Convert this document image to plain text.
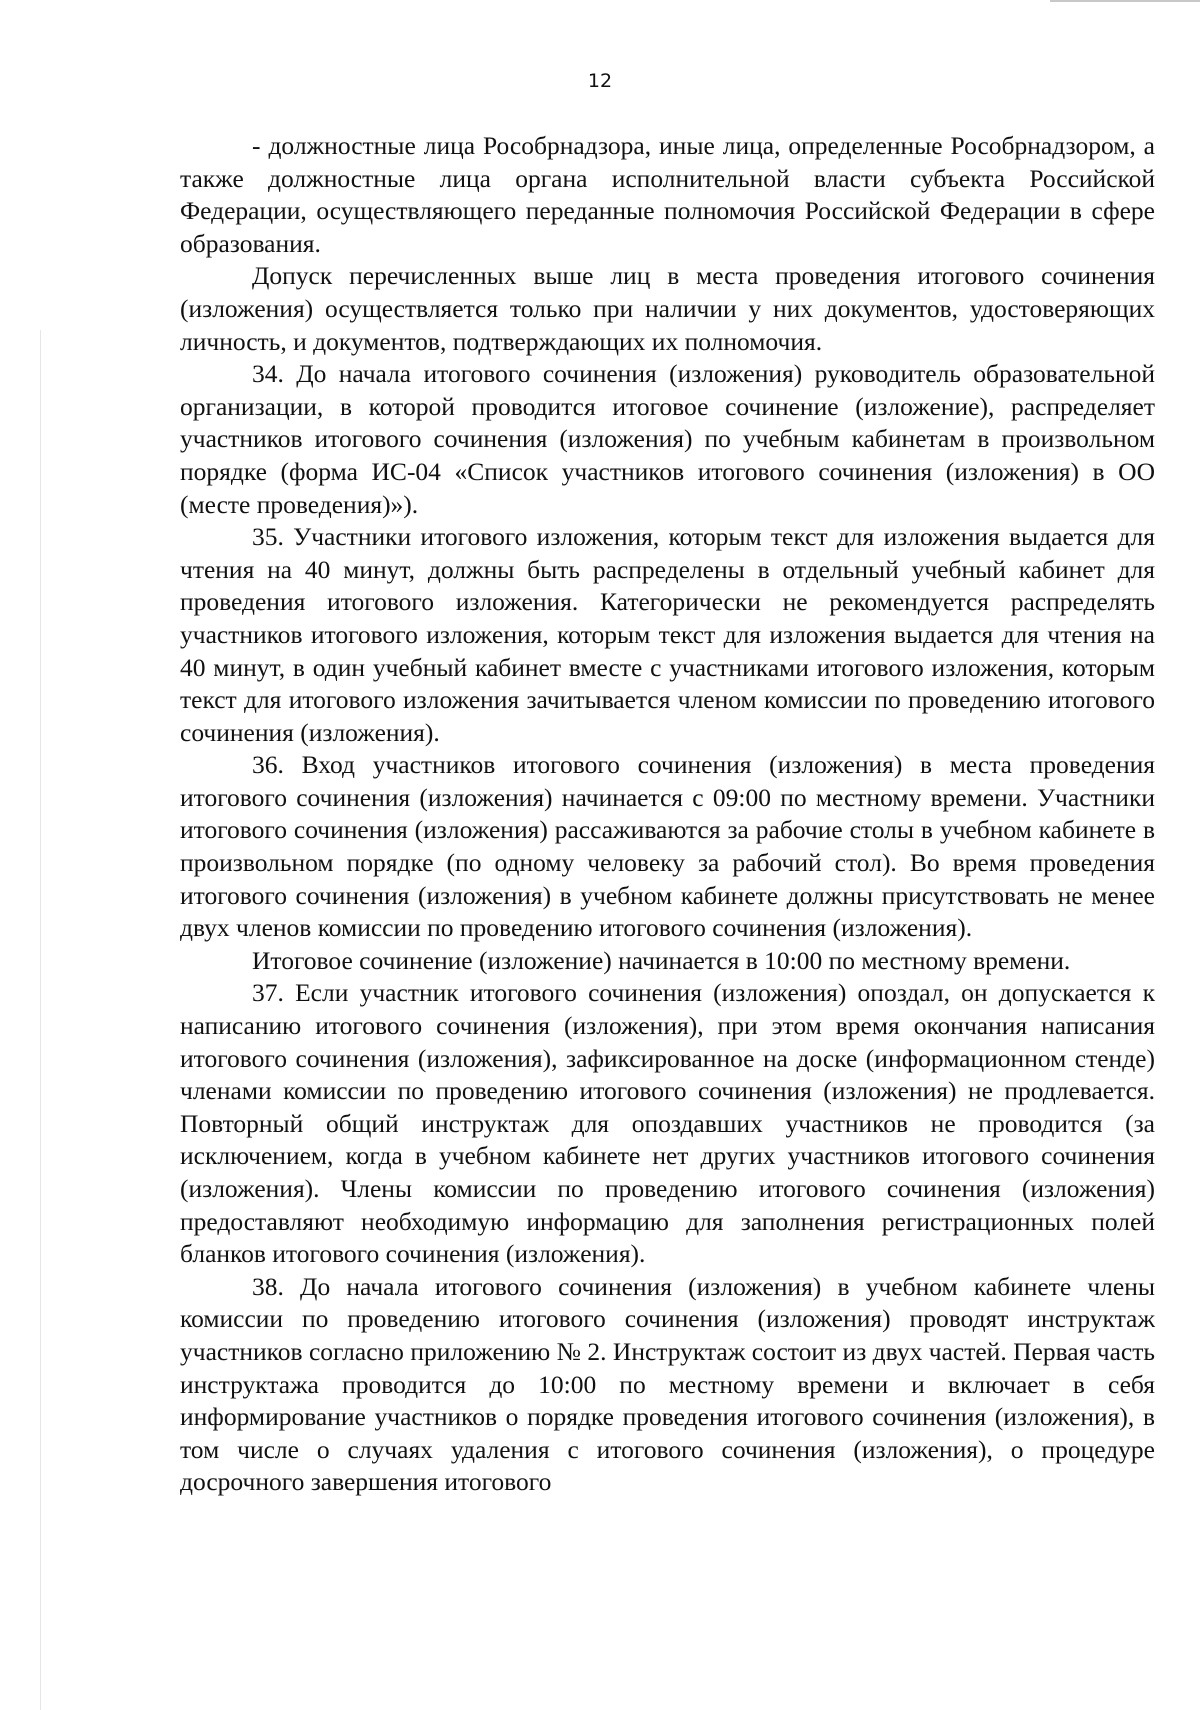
12

- должностные лица Рособрнадзора, иные лица, определенные Рособрнадзором, а также должностные лица органа исполнительной власти субъекта Российской Федерации, осуществляющего переданные полномочия Российской Федерации в сфере образования.

Допуск перечисленных выше лиц в места проведения итогового сочинения (изложения) осуществляется только при наличии у них документов, удостоверяющих личность, и документов, подтверждающих их полномочия.

34. До начала итогового сочинения (изложения) руководитель образовательной организации, в которой проводится итоговое сочинение (изложение), распределяет участников итогового сочинения (изложения) по учебным кабинетам в произвольном порядке (форма ИС-04 «Список участников итогового сочинения (изложения) в ОО (месте проведения)»).

35. Участники итогового изложения, которым текст для изложения выдается для чтения на 40 минут, должны быть распределены в отдельный учебный кабинет для проведения итогового изложения. Категорически не рекомендуется распределять участников итогового изложения, которым текст для изложения выдается для чтения на 40 минут, в один учебный кабинет вместе с участниками итогового изложения, которым текст для итогового изложения зачитывается членом комиссии по проведению итогового сочинения (изложения).

36. Вход участников итогового сочинения (изложения) в места проведения итогового сочинения (изложения) начинается с 09:00 по местному времени. Участники итогового сочинения (изложения) рассаживаются за рабочие столы в учебном кабинете в произвольном порядке (по одному человеку за рабочий стол). Во время проведения итогового сочинения (изложения) в учебном кабинете должны присутствовать не менее двух членов комиссии по проведению итогового сочинения (изложения).

Итоговое сочинение (изложение) начинается в 10:00 по местному времени.

37. Если участник итогового сочинения (изложения) опоздал, он допускается к написанию итогового сочинения (изложения), при этом время окончания написания итогового сочинения (изложения), зафиксированное на доске (информационном стенде) членами комиссии по проведению итогового сочинения (изложения) не продлевается. Повторный общий инструктаж для опоздавших участников не проводится (за исключением, когда в учебном кабинете нет других участников итогового сочинения (изложения). Члены комиссии по проведению итогового сочинения (изложения) предоставляют необходимую информацию для заполнения регистрационных полей бланков итогового сочинения (изложения).

38. До начала итогового сочинения (изложения) в учебном кабинете члены комиссии по проведению итогового сочинения (изложения) проводят инструктаж участников согласно приложению № 2. Инструктаж состоит из двух частей. Первая часть инструктажа проводится до 10:00 по местному времени и включает в себя информирование участников о порядке проведения итогового сочинения (изложения), в том числе о случаях удаления с итогового сочинения (изложения), о процедуре досрочного завершения итогового
